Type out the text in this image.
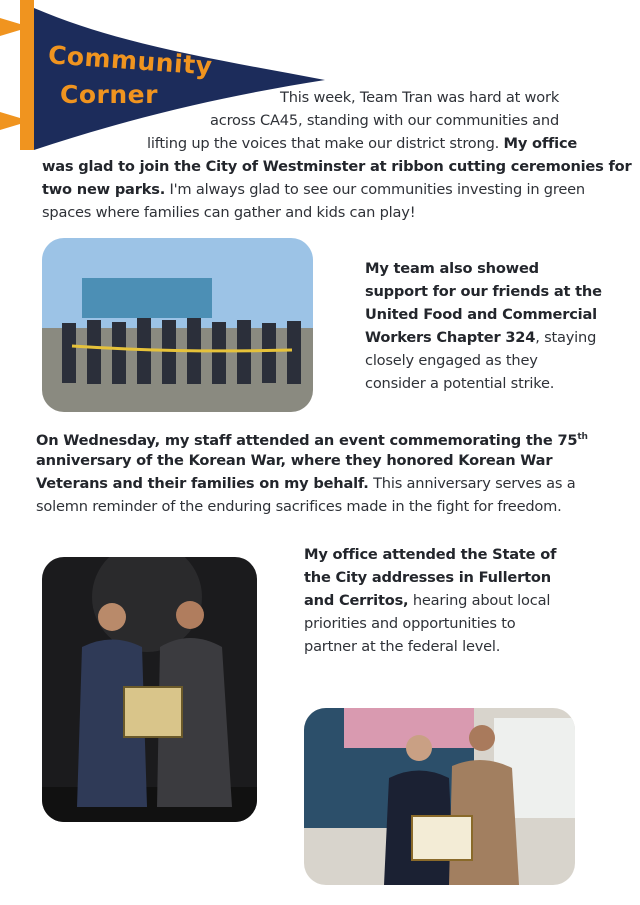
Community
Corner	This week, Team Tran was hard at work
across CA45, standing with our communities and
lifting up the voices that make our district strong. My office
was glad to join the City of Westminster at ribbon cutting ceremonies for
two new parks. I'm always glad to see our communities investing in green
spaces where families can gather and kids can play!
My team also showed
support for our friends at the
United Food and Commercial
Workers Chapter 324, staying
closely engaged as they
consider a potential strike.
On Wednesday, my staff attended an event commemorating the 75th
anniversary of the Korean War, where they honored Korean War
Veterans and their families on my behalf. This anniversary serves as a
solemn reminder of the enduring sacrifices made in the fight for freedom.
My office attended the State of
the City addresses in Fullerton
and Cerritos, hearing about local
priorities and opportunities to
partner at the federal level.
